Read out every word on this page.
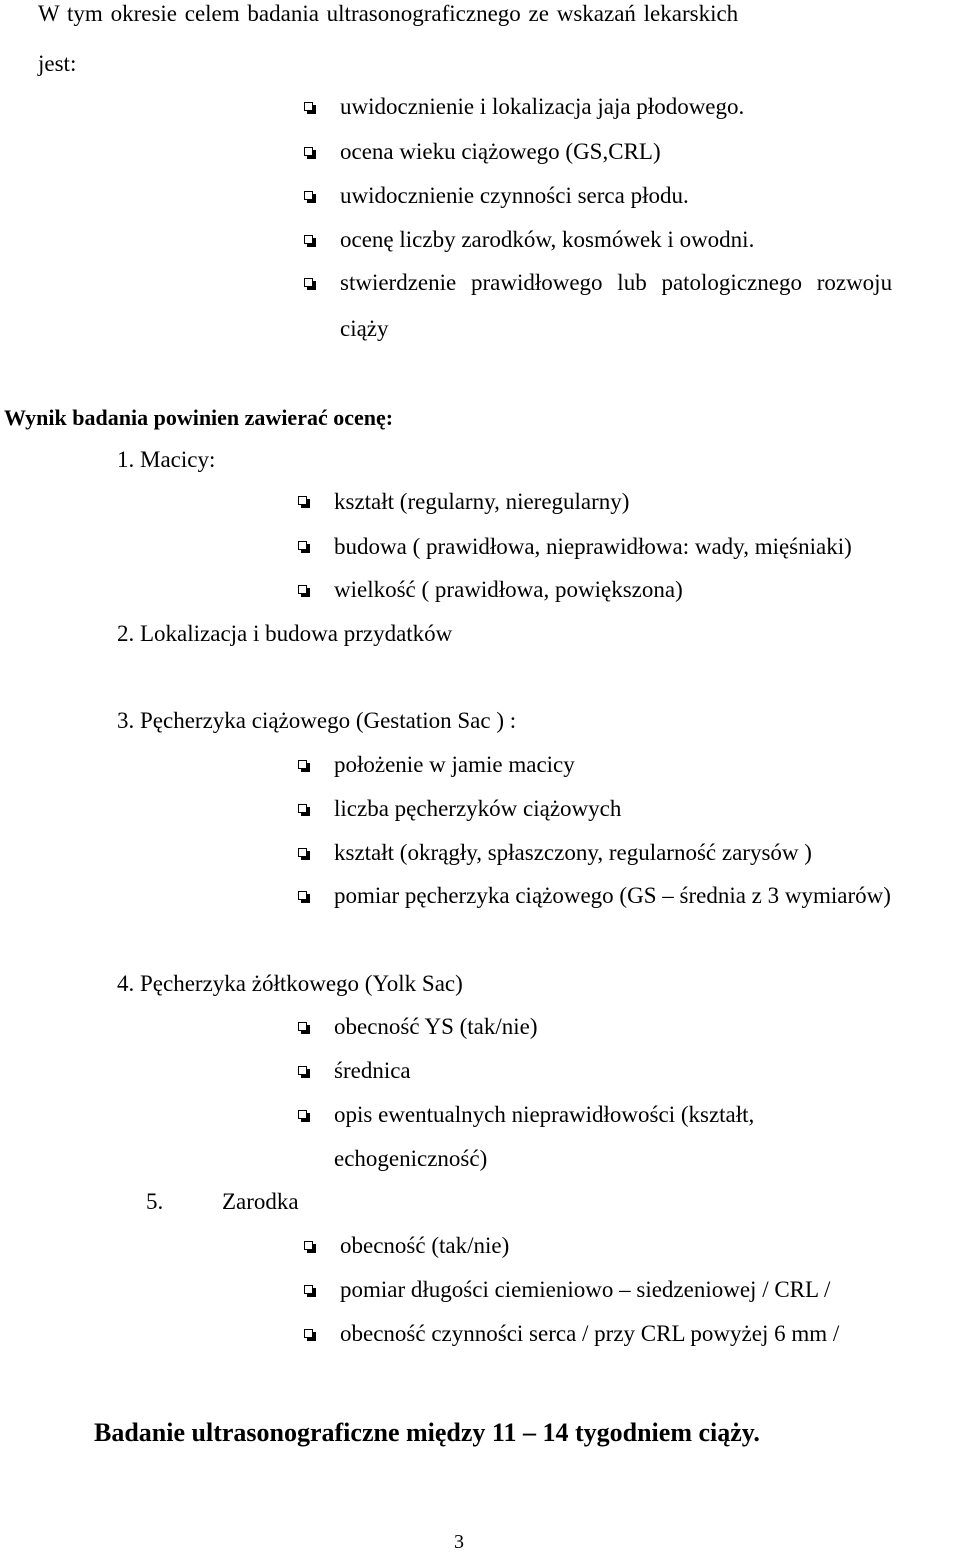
W tym okresie celem badania ultrasonograficznego ze wskazań lekarskich
jest:
uwidocznienie i lokalizacja jaja płodowego.
ocena wieku ciążowego (GS,CRL)
uwidocznienie czynności serca płodu.
ocenę liczby zarodków, kosmówek i owodni.
stwierdzenie prawidłowego lub patologicznego rozwoju
ciąży
Wynik badania powinien zawierać ocenę:
1. Macicy:
kształt (regularny, nieregularny)
budowa ( prawidłowa, nieprawidłowa: wady, mięśniaki)
wielkość ( prawidłowa, powiększona)
2. Lokalizacja i budowa przydatków
3. Pęcherzyka ciążowego (Gestation Sac ) :
położenie w jamie macicy
liczba pęcherzyków ciążowych
kształt (okrągły, spłaszczony, regularność zarysów )
pomiar pęcherzyka ciążowego (GS – średnia z 3 wymiarów)
4. Pęcherzyka żółtkowego (Yolk Sac)
obecność YS (tak/nie)
średnica
opis ewentualnych nieprawidłowości (kształt,
echogeniczność)
5.	Zarodka
obecność (tak/nie)
pomiar długości ciemieniowo – siedzeniowej / CRL /
obecność czynności serca / przy CRL powyżej 6 mm /
Badanie ultrasonograficzne między 11 – 14 tygodniem ciąży.
3
